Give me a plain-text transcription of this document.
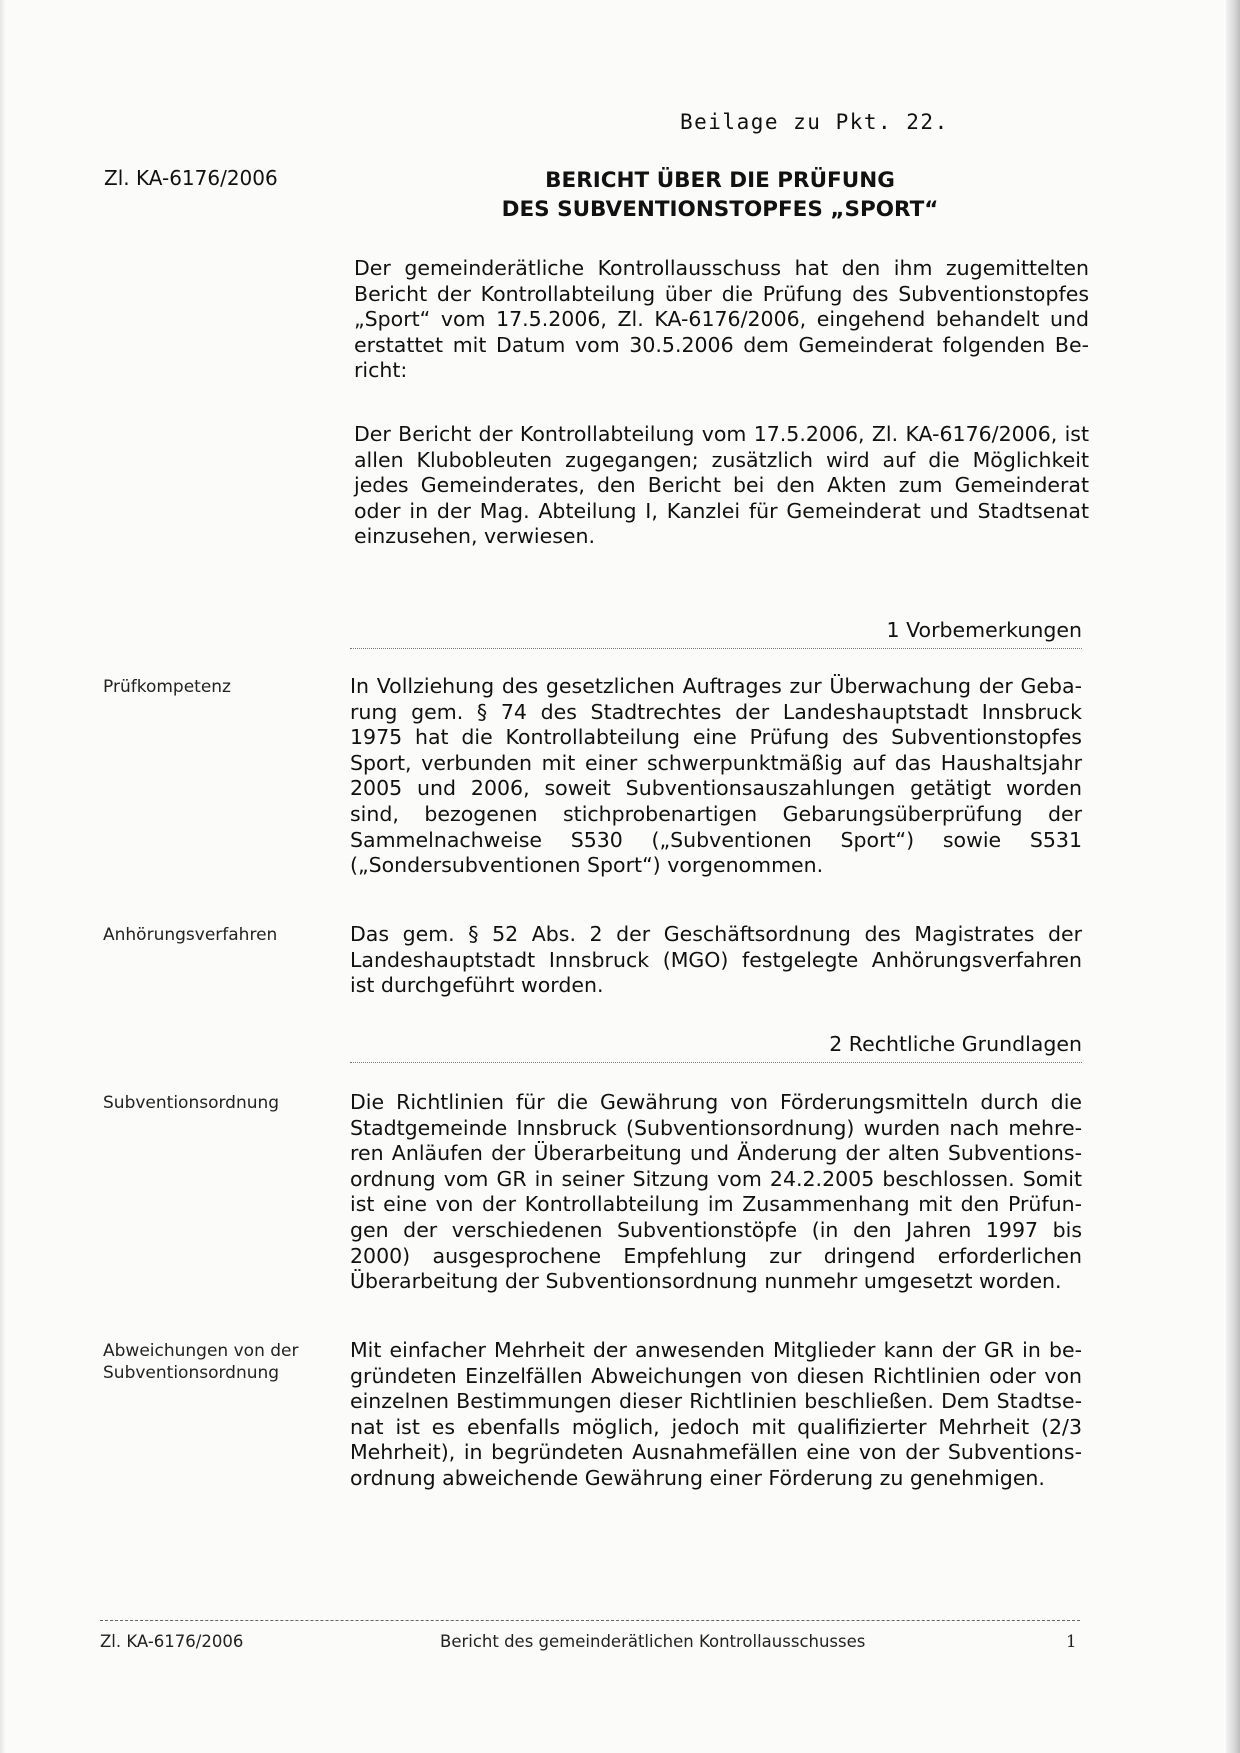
Beilage zu Pkt. 22.
Zl. KA-6176/2006	BERICHT ÜBER DIE PRÜFUNG
DES SUBVENTIONSTOPFES „SPORT“
Der gemeinderätliche Kontrollausschuss hat den ihm zugemittelten Bericht der Kontrollabteilung über die Prüfung des Subventionstopfes „Sport“ vom 17.5.2006, Zl. KA-6176/2006, eingehend behandelt und erstattet mit Datum vom 30.5.2006 dem Gemeinderat folgenden Bericht:
Der Bericht der Kontrollabteilung vom 17.5.2006, Zl. KA-6176/2006, ist allen Klubobleuten zugegangen; zusätzlich wird auf die Möglichkeit jedes Gemeinderates, den Bericht bei den Akten zum Gemeinderat oder in der Mag. Abteilung I, Kanzlei für Gemeinderat und Stadtsenat einzusehen, verwiesen.
1 Vorbemerkungen
Prüfkompetenz	In Vollziehung des gesetzlichen Auftrages zur Überwachung der Gebarung gem. § 74 des Stadtrechtes der Landeshauptstadt Innsbruck 1975 hat die Kontrollabteilung eine Prüfung des Subventionstopfes Sport, verbunden mit einer schwerpunktmäßig auf das Haushaltsjahr 2005 und 2006, soweit Subventionsauszahlungen getätigt worden sind, bezogenen stichprobenartigen Gebarungsüberprüfung der Sammelnachweise S530 („Subventionen Sport“) sowie S531 („Sondersubventionen Sport“) vorgenommen.
Anhörungsverfahren	Das gem. § 52 Abs. 2 der Geschäftsordnung des Magistrates der Landeshauptstadt Innsbruck (MGO) festgelegte Anhörungsverfahren ist durchgeführt worden.
2 Rechtliche Grundlagen
Subventionsordnung	Die Richtlinien für die Gewährung von Förderungsmitteln durch die Stadtgemeinde Innsbruck (Subventionsordnung) wurden nach mehreren Anläufen der Überarbeitung und Änderung der alten Subventionsordnung vom GR in seiner Sitzung vom 24.2.2005 beschlossen. Somit ist eine von der Kontrollabteilung im Zusammenhang mit den Prüfungen der verschiedenen Subventionstöpfe (in den Jahren 1997 bis 2000) ausgesprochene Empfehlung zur dringend erforderlichen Überarbeitung der Subventionsordnung nunmehr umgesetzt worden.
Abweichungen von der Subventionsordnung
Mit einfacher Mehrheit der anwesenden Mitglieder kann der GR in begründeten Einzelfällen Abweichungen von diesen Richtlinien oder von einzelnen Bestimmungen dieser Richtlinien beschließen. Dem Stadtsenat ist es ebenfalls möglich, jedoch mit qualifizierter Mehrheit (2/3 Mehrheit), in begründeten Ausnahmefällen eine von der Subventionsordnung abweichende Gewährung einer Förderung zu genehmigen.
Zl. KA-6176/2006	Bericht des gemeinderätlichen Kontrollausschusses	1
